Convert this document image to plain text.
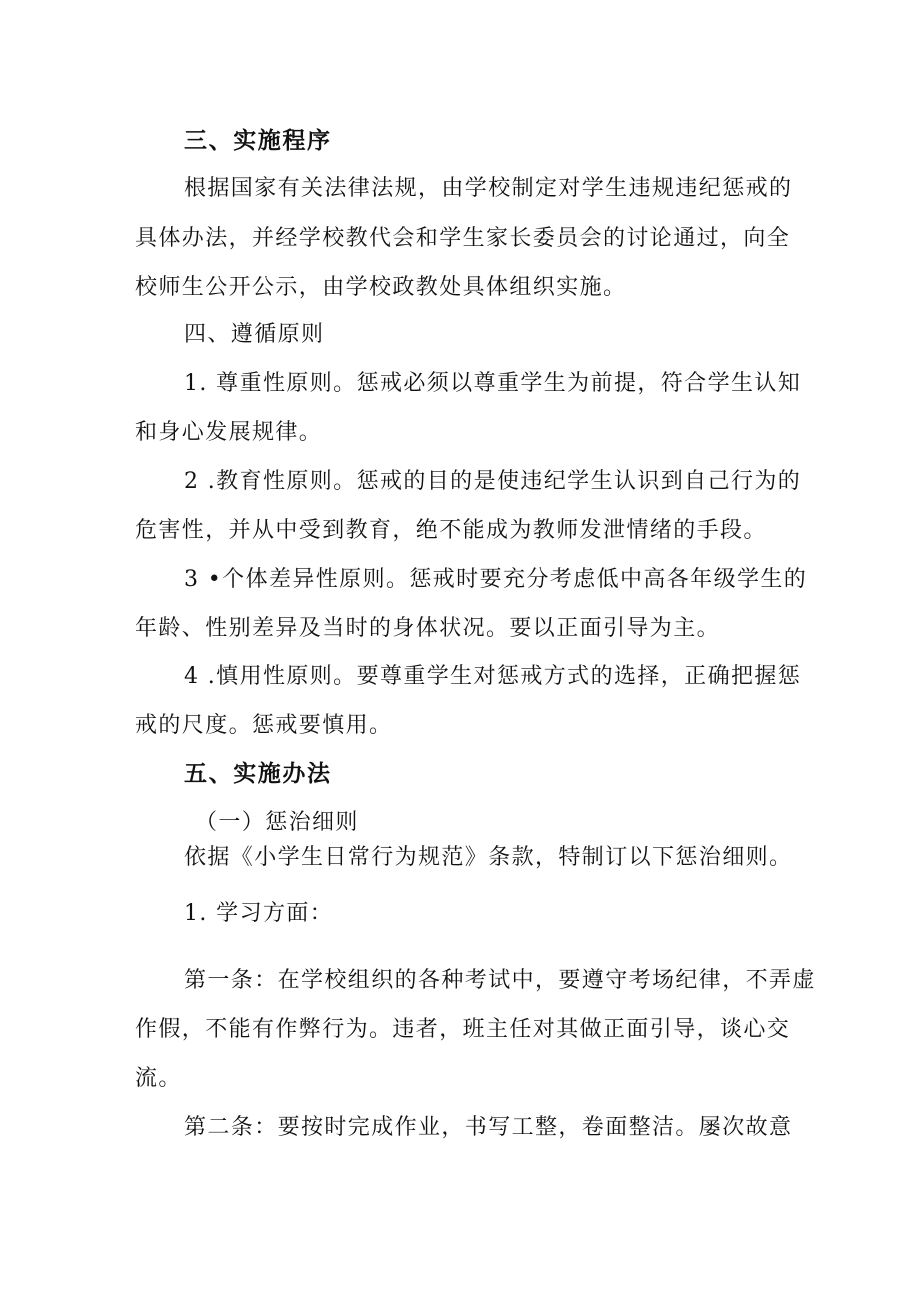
三、实施程序
根据国家有关法律法规，由学校制定对学生违规违纪惩戒的
具体办法，并经学校教代会和学生家长委员会的讨论通过，向全
校师生公开公示，由学校政教处具体组织实施。
四、遵循原则
1. 尊重性原则。惩戒必须以尊重学生为前提，符合学生认知
和身心发展规律。
2 .教育性原则。惩戒的目的是使违纪学生认识到自己行为的
危害性，并从中受到教育，绝不能成为教师发泄情绪的手段。
3 •个体差异性原则。惩戒时要充分考虑低中高各年级学生的
年龄、性别差异及当时的身体状况。要以正面引导为主。
4 .慎用性原则。要尊重学生对惩戒方式的选择，正确把握惩
戒的尺度。惩戒要慎用。
五、实施办法
（一）惩治细则
依据《小学生日常行为规范》条款，特制订以下惩治细则。
1. 学习方面：
第一条：在学校组织的各种考试中，要遵守考场纪律，不弄虚
作假，不能有作弊行为。违者，班主任对其做正面引导，谈心交
流。
第二条：要按时完成作业，书写工整，卷面整洁。屡次故意
